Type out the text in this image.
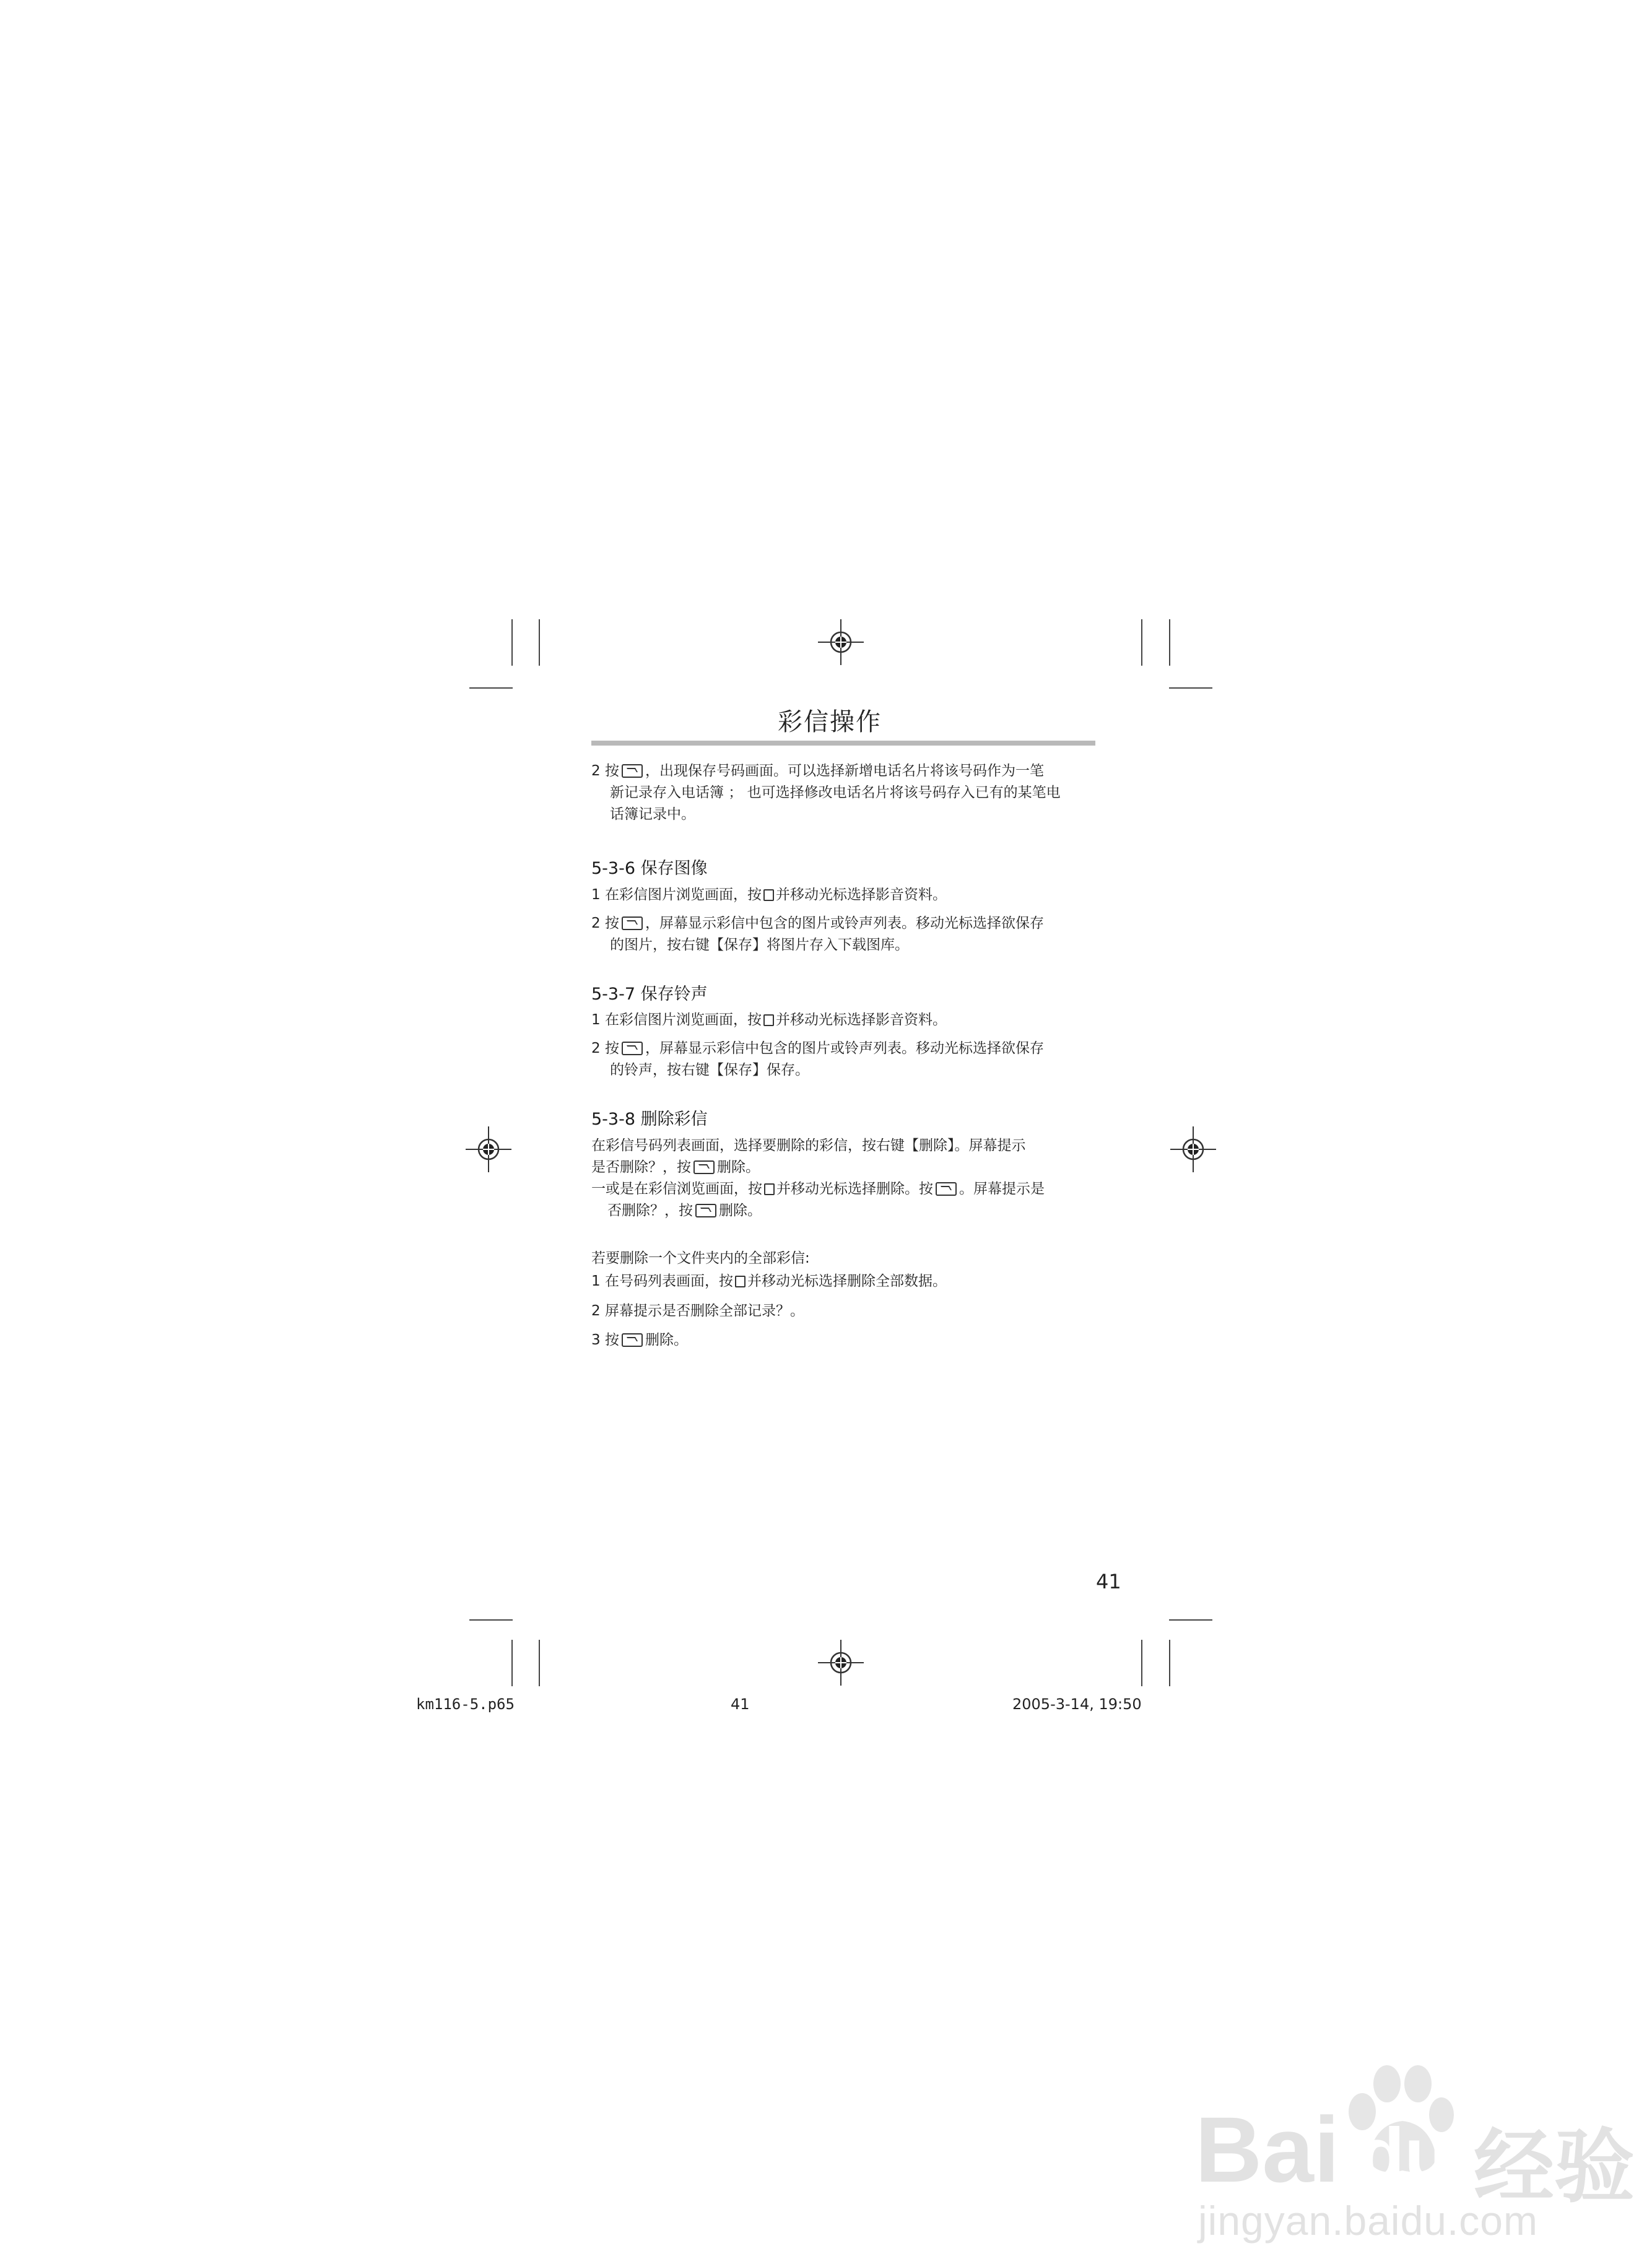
彩信操作
2 按 ，出现保存号码画面。可以选择新增电话名片将该号码作为一笔
新记录存入电话簿 ； 也可选择修改电话名片将该号码存入已有的某笔电
话簿记录中。
5-3-6 保存图像
1 在彩信图片浏览画面，按 并移动光标选择影音资料。
2 按 ，屏幕显示彩信中包含的图片或铃声列表。移动光标选择欲保存
的图片，按右键【保存】将图片存入下载图库。
5-3-7 保存铃声
1 在彩信图片浏览画面，按 并移动光标选择影音资料。
2 按 ，屏幕显示彩信中包含的图片或铃声列表。移动光标选择欲保存
的铃声，按右键【保存】保存。
5-3-8 删除彩信
在彩信号码列表画面，选择要删除的彩信，按右键【删除】。屏幕提示
是否删除？，按 删除。
一或是在彩信浏览画面，按 并移动光标选择删除。按 。屏幕提示是
否删除？，按 删除。
若要删除一个文件夹内的全部彩信:
1 在号码列表画面，按 并移动光标选择删除全部数据。
2 屏幕提示是否删除全部记录？。
3 按 删除。
41
km116-5.p65	41	2005-3-14, 19:50
Bai du 经验
jingyan.baidu.com
